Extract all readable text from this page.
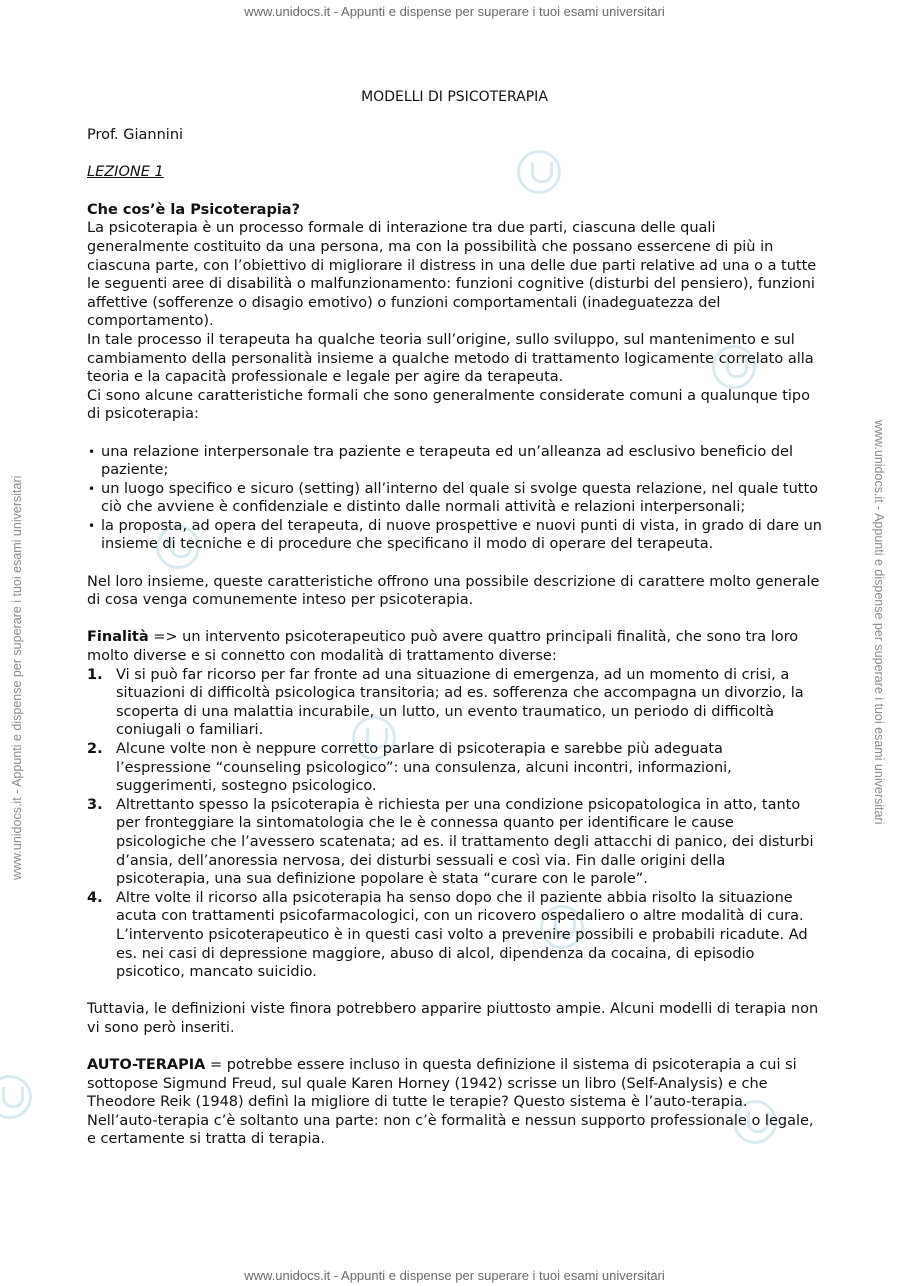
www.unidocs.it - Appunti e dispense per superare i tuoi esami universitari
www.unidocs.it - Appunti e dispense per superare i tuoi esami universitari	www.unidocs.it - Appunti e dispense per superare i tuoi esami universitari
MODELLI DI PSICOTERAPIA
Prof. Giannini
LEZIONE 1

Che cos’è la Psicoterapia?

La psicoterapia è un processo formale di interazione tra due parti, ciascuna delle quali generalmente costituito da una persona, ma con la possibilità che possano essercene di più in ciascuna parte, con l’obiettivo di migliorare il distress in una delle due parti relative ad una o a tutte le seguenti aree di disabilità o malfunzionamento: funzioni cognitive (disturbi del pensiero), funzioni affettive (sofferenze o disagio emotivo) o funzioni comportamentali (inadeguatezza del comportamento).

In tale processo il terapeuta ha qualche teoria sull’origine, sullo sviluppo, sul mantenimento e sul cambiamento della personalità insieme a qualche metodo di trattamento logicamente correlato alla teoria e la capacità professionale e legale per agire da terapeuta.

Ci sono alcune caratteristiche formali che sono generalmente considerate comuni a qualunque tipo di psicoterapia:

• una relazione interpersonale tra paziente e terapeuta ed un’alleanza ad esclusivo beneficio del paziente;
• un luogo specifico e sicuro (setting) all’interno del quale si svolge questa relazione, nel quale tutto ciò che avviene è confidenziale e distinto dalle normali attività e relazioni interpersonali;
• la proposta, ad opera del terapeuta, di nuove prospettive e nuovi punti di vista, in grado di dare un insieme di tecniche e di procedure che specificano il modo di operare del terapeuta.

Nel loro insieme, queste caratteristiche offrono una possibile descrizione di carattere molto generale di cosa venga comunemente inteso per psicoterapia.

Finalità => un intervento psicoterapeutico può avere quattro principali finalità, che sono tra loro molto diverse e si connetto con modalità di trattamento diverse:

1. Vi si può far ricorso per far fronte ad una situazione di emergenza, ad un momento di crisi, a situazioni di difficoltà psicologica transitoria; ad es. sofferenza che accompagna un divorzio, la scoperta di una malattia incurabile, un lutto, un evento traumatico, un periodo di difficoltà coniugali o familiari.
2. Alcune volte non è neppure corretto parlare di psicoterapia e sarebbe più adeguata l’espressione “counseling psicologico”: una consulenza, alcuni incontri, informazioni, suggerimenti, sostegno psicologico.
3. Altrettanto spesso la psicoterapia è richiesta per una condizione psicopatologica in atto, tanto per fronteggiare la sintomatologia che le è connessa quanto per identificare le cause psicologiche che l’avessero scatenata; ad es. il trattamento degli attacchi di panico, dei disturbi d’ansia, dell’anoressia nervosa, dei disturbi sessuali e così via. Fin dalle origini della psicoterapia, una sua definizione popolare è stata “curare con le parole”.
4. Altre volte il ricorso alla psicoterapia ha senso dopo che il paziente abbia risolto la situazione acuta con trattamenti psicofarmacologici, con un ricovero ospedaliero o altre modalità di cura. L’intervento psicoterapeutico è in questi casi volto a prevenire possibili e probabili ricadute. Ad es. nei casi di depressione maggiore, abuso di alcol, dipendenza da cocaina, di episodio psicotico, mancato suicidio.

Tuttavia, le definizioni viste finora potrebbero apparire piuttosto ampie. Alcuni modelli di terapia non vi sono però inseriti.

AUTO-TERAPIA = potrebbe essere incluso in questa definizione il sistema di psicoterapia a cui si sottopose Sigmund Freud, sul quale Karen Horney (1942) scrisse un libro (Self-Analysis) e che Theodore Reik (1948) definì la migliore di tutte le terapie? Questo sistema è l’auto-terapia. Nell’auto-terapia c’è soltanto una parte: non c’è formalità e nessun supporto professionale o legale, e certamente si tratta di terapia.

www.unidocs.it - Appunti e dispense per superare i tuoi esami universitari
